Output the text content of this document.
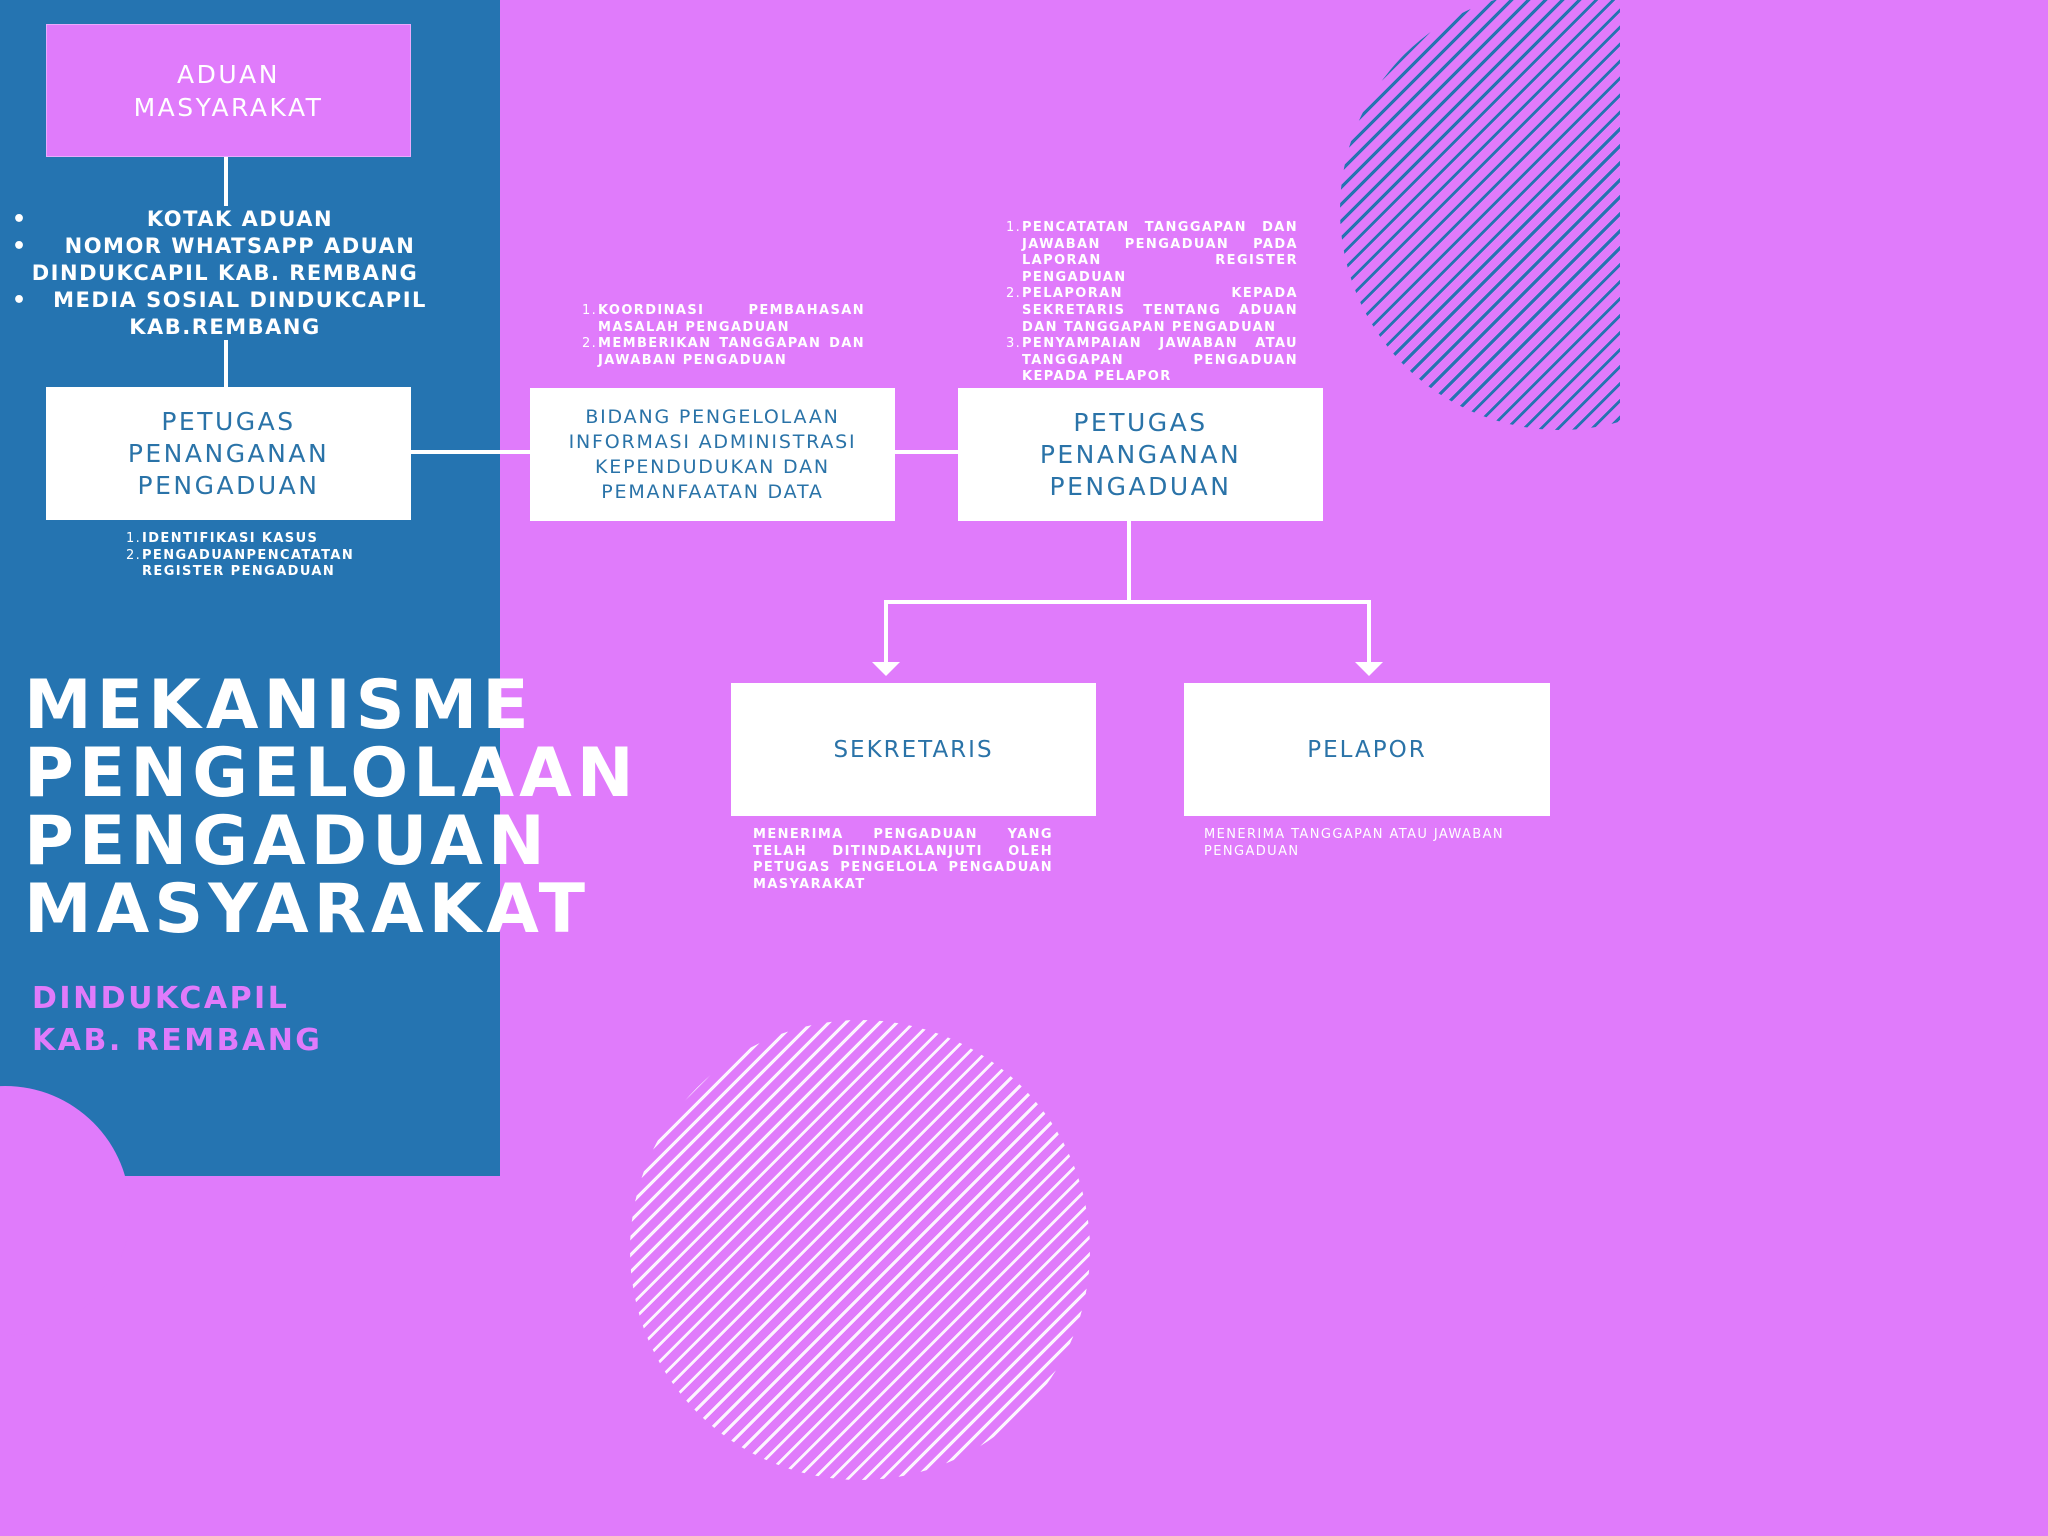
ADUAN
MASYARAKAT
• KOTAK ADUAN
• NOMOR WHATSAPP ADUAN
DINDUKCAPIL KAB. REMBANG
• MEDIA SOSIAL DINDUKCAPIL
KAB.REMBANG
PETUGAS
PENANGANAN
PENGADUAN
1. IDENTIFIKASI KASUS
2. PENGADUANPENCATATAN REGISTER PENGADUAN
BIDANG PENGELOLAAN
INFORMASI ADMINISTRASI
KEPENDUDUKAN DAN
PEMANFAATAN DATA
1. KOORDINASI PEMBAHASAN MASALAH PENGADUAN
2. MEMBERIKAN TANGGAPAN DAN JAWABAN PENGADUAN
PETUGAS
PENANGANAN
PENGADUAN
1. PENCATATAN TANGGAPAN DAN JAWABAN PENGADUAN PADA LAPORAN REGISTER PENGADUAN
2. PELAPORAN KEPADA SEKRETARIS TENTANG ADUAN DAN TANGGAPAN PENGADUAN
3. PENYAMPAIAN JAWABAN ATAU TANGGAPAN PENGADUAN KEPADA PELAPOR
SEKRETARIS
MENERIMA PENGADUAN YANG TELAH DITINDAKLANJUTI OLEH PETUGAS PENGELOLA PENGADUAN MASYARAKAT
PELAPOR
MENERIMA TANGGAPAN ATAU JAWABAN PENGADUAN
MEKANISME
PENGELOLAAN
PENGADUAN
MASYARAKAT
DINDUKCAPIL
KAB. REMBANG
